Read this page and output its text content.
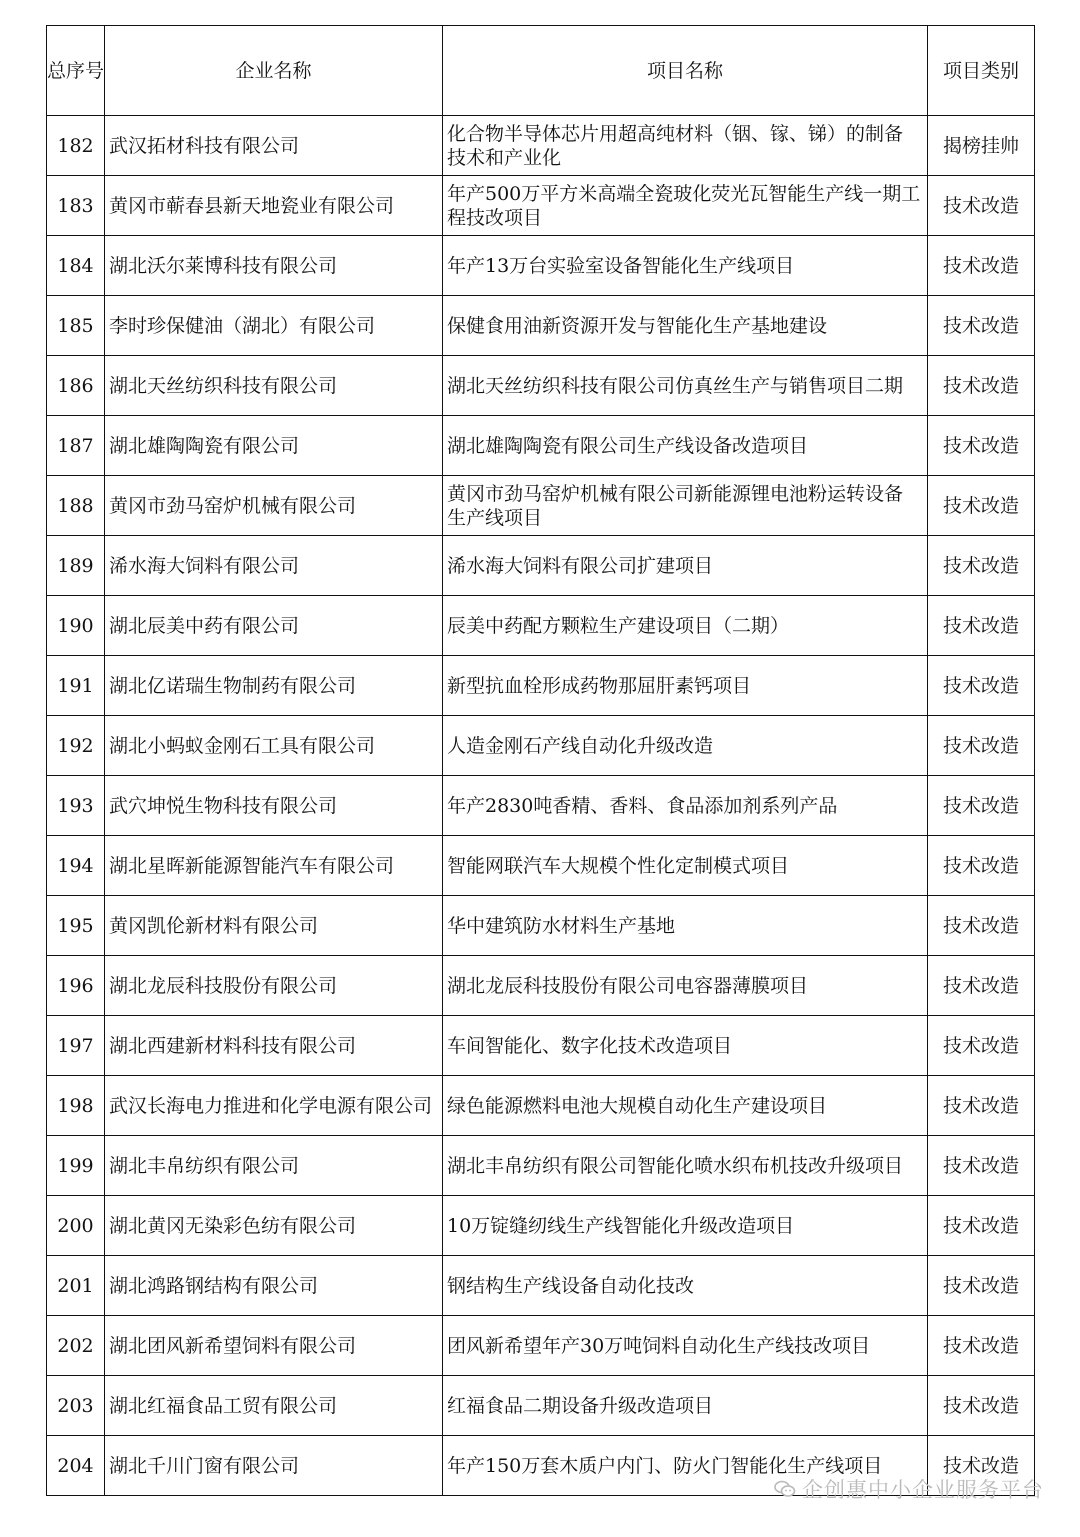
总序号	企业名称	项目名称	项目类别
182	武汉拓材科技有限公司	化合物半导体芯片用超高纯材料（铟、镓、锑）的制备技术和产业化	揭榜挂帅
183	黄冈市蕲春县新天地瓷业有限公司	年产500万平方米高端全瓷玻化荧光瓦智能生产线一期工程技改项目	技术改造
184	湖北沃尔莱博科技有限公司	年产13万台实验室设备智能化生产线项目	技术改造
185	李时珍保健油（湖北）有限公司	保健食用油新资源开发与智能化生产基地建设	技术改造
186	湖北天丝纺织科技有限公司	湖北天丝纺织科技有限公司仿真丝生产与销售项目二期	技术改造
187	湖北雄陶陶瓷有限公司	湖北雄陶陶瓷有限公司生产线设备改造项目	技术改造
188	黄冈市劲马窑炉机械有限公司	黄冈市劲马窑炉机械有限公司新能源锂电池粉运转设备生产线项目	技术改造
189	浠水海大饲料有限公司	浠水海大饲料有限公司扩建项目	技术改造
190	湖北辰美中药有限公司	辰美中药配方颗粒生产建设项目（二期）	技术改造
191	湖北亿诺瑞生物制药有限公司	新型抗血栓形成药物那屈肝素钙项目	技术改造
192	湖北小蚂蚁金刚石工具有限公司	人造金刚石产线自动化升级改造	技术改造
193	武穴坤悦生物科技有限公司	年产2830吨香精、香料、食品添加剂系列产品	技术改造
194	湖北星晖新能源智能汽车有限公司	智能网联汽车大规模个性化定制模式项目	技术改造
195	黄冈凯伦新材料有限公司	华中建筑防水材料生产基地	技术改造
196	湖北龙辰科技股份有限公司	湖北龙辰科技股份有限公司电容器薄膜项目	技术改造
197	湖北西建新材料科技有限公司	车间智能化、数字化技术改造项目	技术改造
198	武汉长海电力推进和化学电源有限公司	绿色能源燃料电池大规模自动化生产建设项目	技术改造
199	湖北丰帛纺织有限公司	湖北丰帛纺织有限公司智能化喷水织布机技改升级项目	技术改造
200	湖北黄冈无染彩色纺有限公司	10万锭缝纫线生产线智能化升级改造项目	技术改造
201	湖北鸿路钢结构有限公司	钢结构生产线设备自动化技改	技术改造
202	湖北团风新希望饲料有限公司	团风新希望年产30万吨饲料自动化生产线技改项目	技术改造
203	湖北红福食品工贸有限公司	红福食品二期设备升级改造项目	技术改造
204	湖北千川门窗有限公司	年产150万套木质户内门、防火门智能化生产线项目	技术改造
企创惠中小企业服务平台
